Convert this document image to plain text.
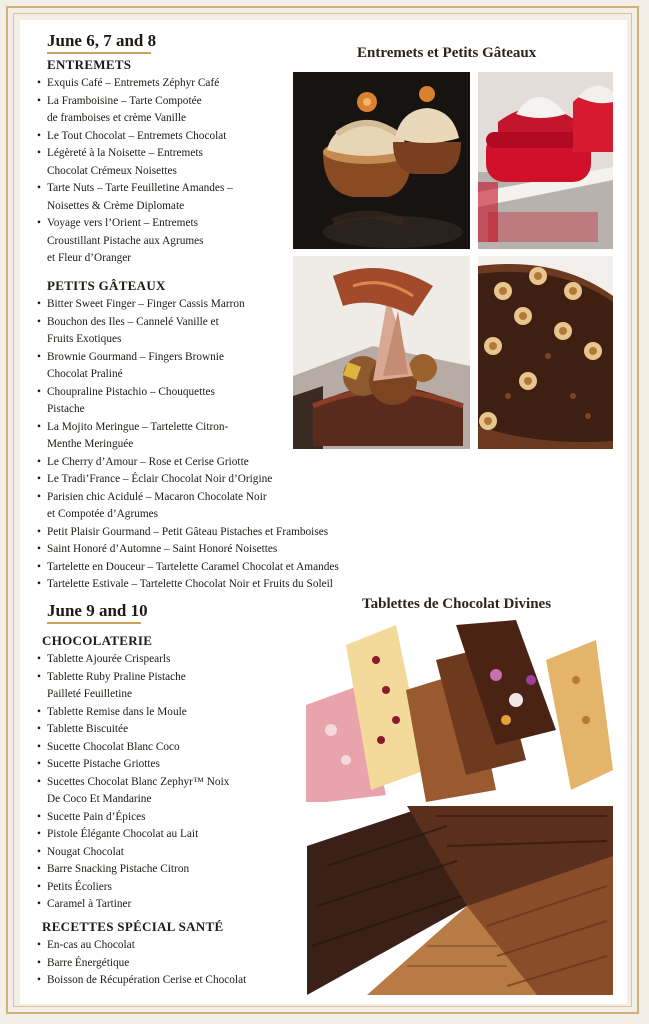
June 6, 7 and 8
Entremets et Petits Gâteaux
ENTREMETS
• Exquis Café – Entremets Zéphyr Café
• La Framboisine – Tarte Compotée
de framboises et crème Vanille
• Le Tout Chocolat – Entremets Chocolat
• Légèreté à la Noisette – Entremets
Chocolat Crémeux Noisettes
• Tarte Nuts – Tarte Feuilletine Amandes –
Noisettes & Crème Diplomate
• Voyage vers l’Orient – Entremets
Croustillant Pistache aux Agrumes
et Fleur d’Oranger
PETITS GÂTEAUX
• Bitter Sweet Finger – Finger Cassis Marron
• Bouchon des Iles – Cannelé Vanille et
Fruits Exotiques
• Brownie Gourmand – Fingers Brownie
Chocolat Praliné
• Choupraline Pistachio – Chouquettes
Pistache
• La Mojito Meringue – Tartelette Citron-
Menthe Meringuée
• Le Cherry d’Amour – Rose et Cerise Griotte
• Le Tradi’France – Éclair Chocolat Noir d’Origine
• Parisien chic Acidulé – Macaron Chocolate Noir
et Compotée d’Agrumes
• Petit Plaisir Gourmand – Petit Gâteau Pistaches et Framboises
• Saint Honoré d’Automne – Saint Honoré Noisettes
• Tartelette en Douceur – Tartelette Caramel Chocolat et Amandes
• Tartelette Estivale – Tartelette Chocolat Noir et Fruits du Soleil
June 9 and 10	Tablettes de Chocolat Divines
CHOCOLATERIE
• Tablette Ajourée Crispearls
• Tablette Ruby Praline Pistache
Pailleté Feuilletine
• Tablette Remise dans le Moule
• Tablette Biscuitée
• Sucette Chocolat Blanc Coco
• Sucette Pistache Griottes
• Sucettes Chocolat Blanc Zephyr™ Noix
De Coco Et Mandarine
• Sucette Pain d’Épices
• Pistole Élégante Chocolat au Lait
• Nougat Chocolat
• Barre Snacking Pistache Citron
• Petits Écoliers
• Caramel à Tartiner
RECETTES SPÉCIAL SANTÉ
• En-cas au Chocolat
• Barre Énergétique
• Boisson de Récupération Cerise et Chocolat
